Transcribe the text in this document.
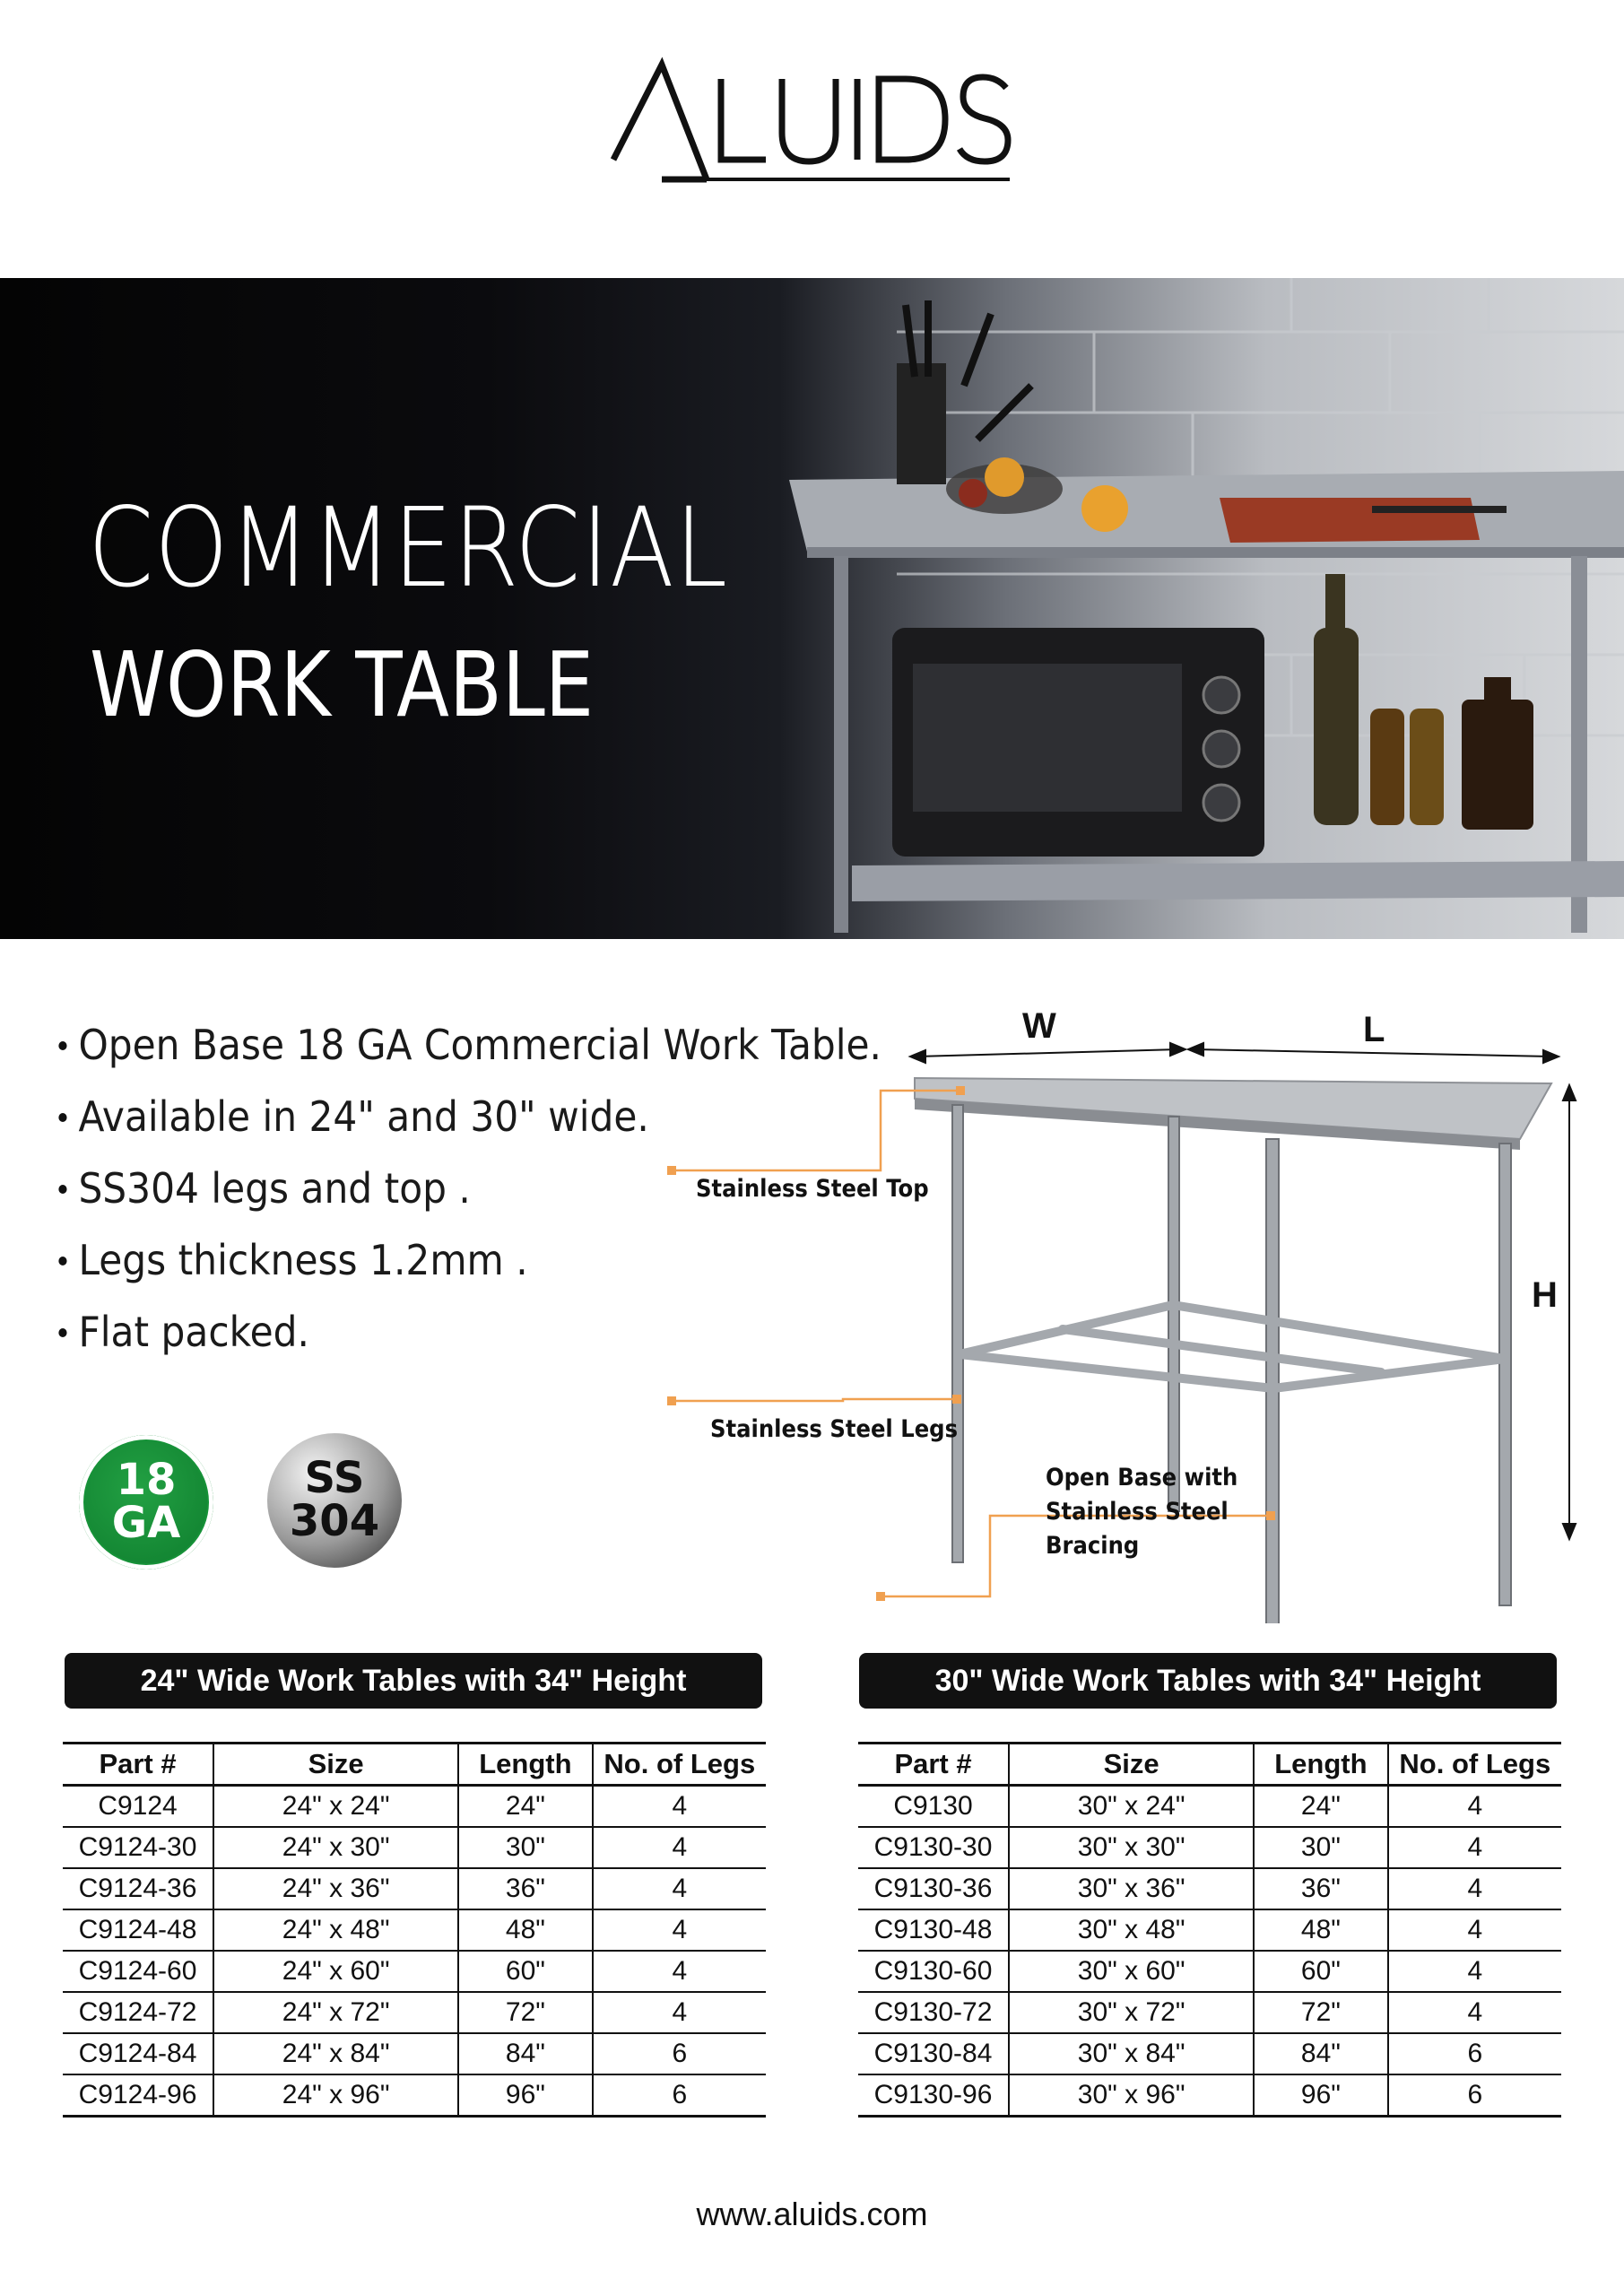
COMMERCIAL
WORK TABLE
Open Base 18 GA Commercial Work Table.
Available in 24" and 30" wide.
SS304 legs and top .
Legs thickness 1.2mm .
Flat packed.
18
GA
SS
304
W	L
H
Stainless Steel Top
Stainless Steel Legs
Open Base with
Stainless Steel
Bracing
24" Wide Work Tables with 34" Height	30" Wide Work Tables with 34" Height
Part #	Size	Length	No. of Legs
C9124	24" x 24"	24"	4
C9124-30	24" x 30"	30"	4
C9124-36	24" x 36"	36"	4
C9124-48	24" x 48"	48"	4
C9124-60	24" x 60"	60"	4
C9124-72	24" x 72"	72"	4
C9124-84	24" x 84"	84"	6
C9124-96	24" x 96"	96"	6
Part #	Size	Length	No. of Legs
C9130	30" x 24"	24"	4
C9130-30	30" x 30"	30"	4
C9130-36	30" x 36"	36"	4
C9130-48	30" x 48"	48"	4
C9130-60	30" x 60"	60"	4
C9130-72	30" x 72"	72"	4
C9130-84	30" x 84"	84"	6
C9130-96	30" x 96"	96"	6
www.aluids.com
